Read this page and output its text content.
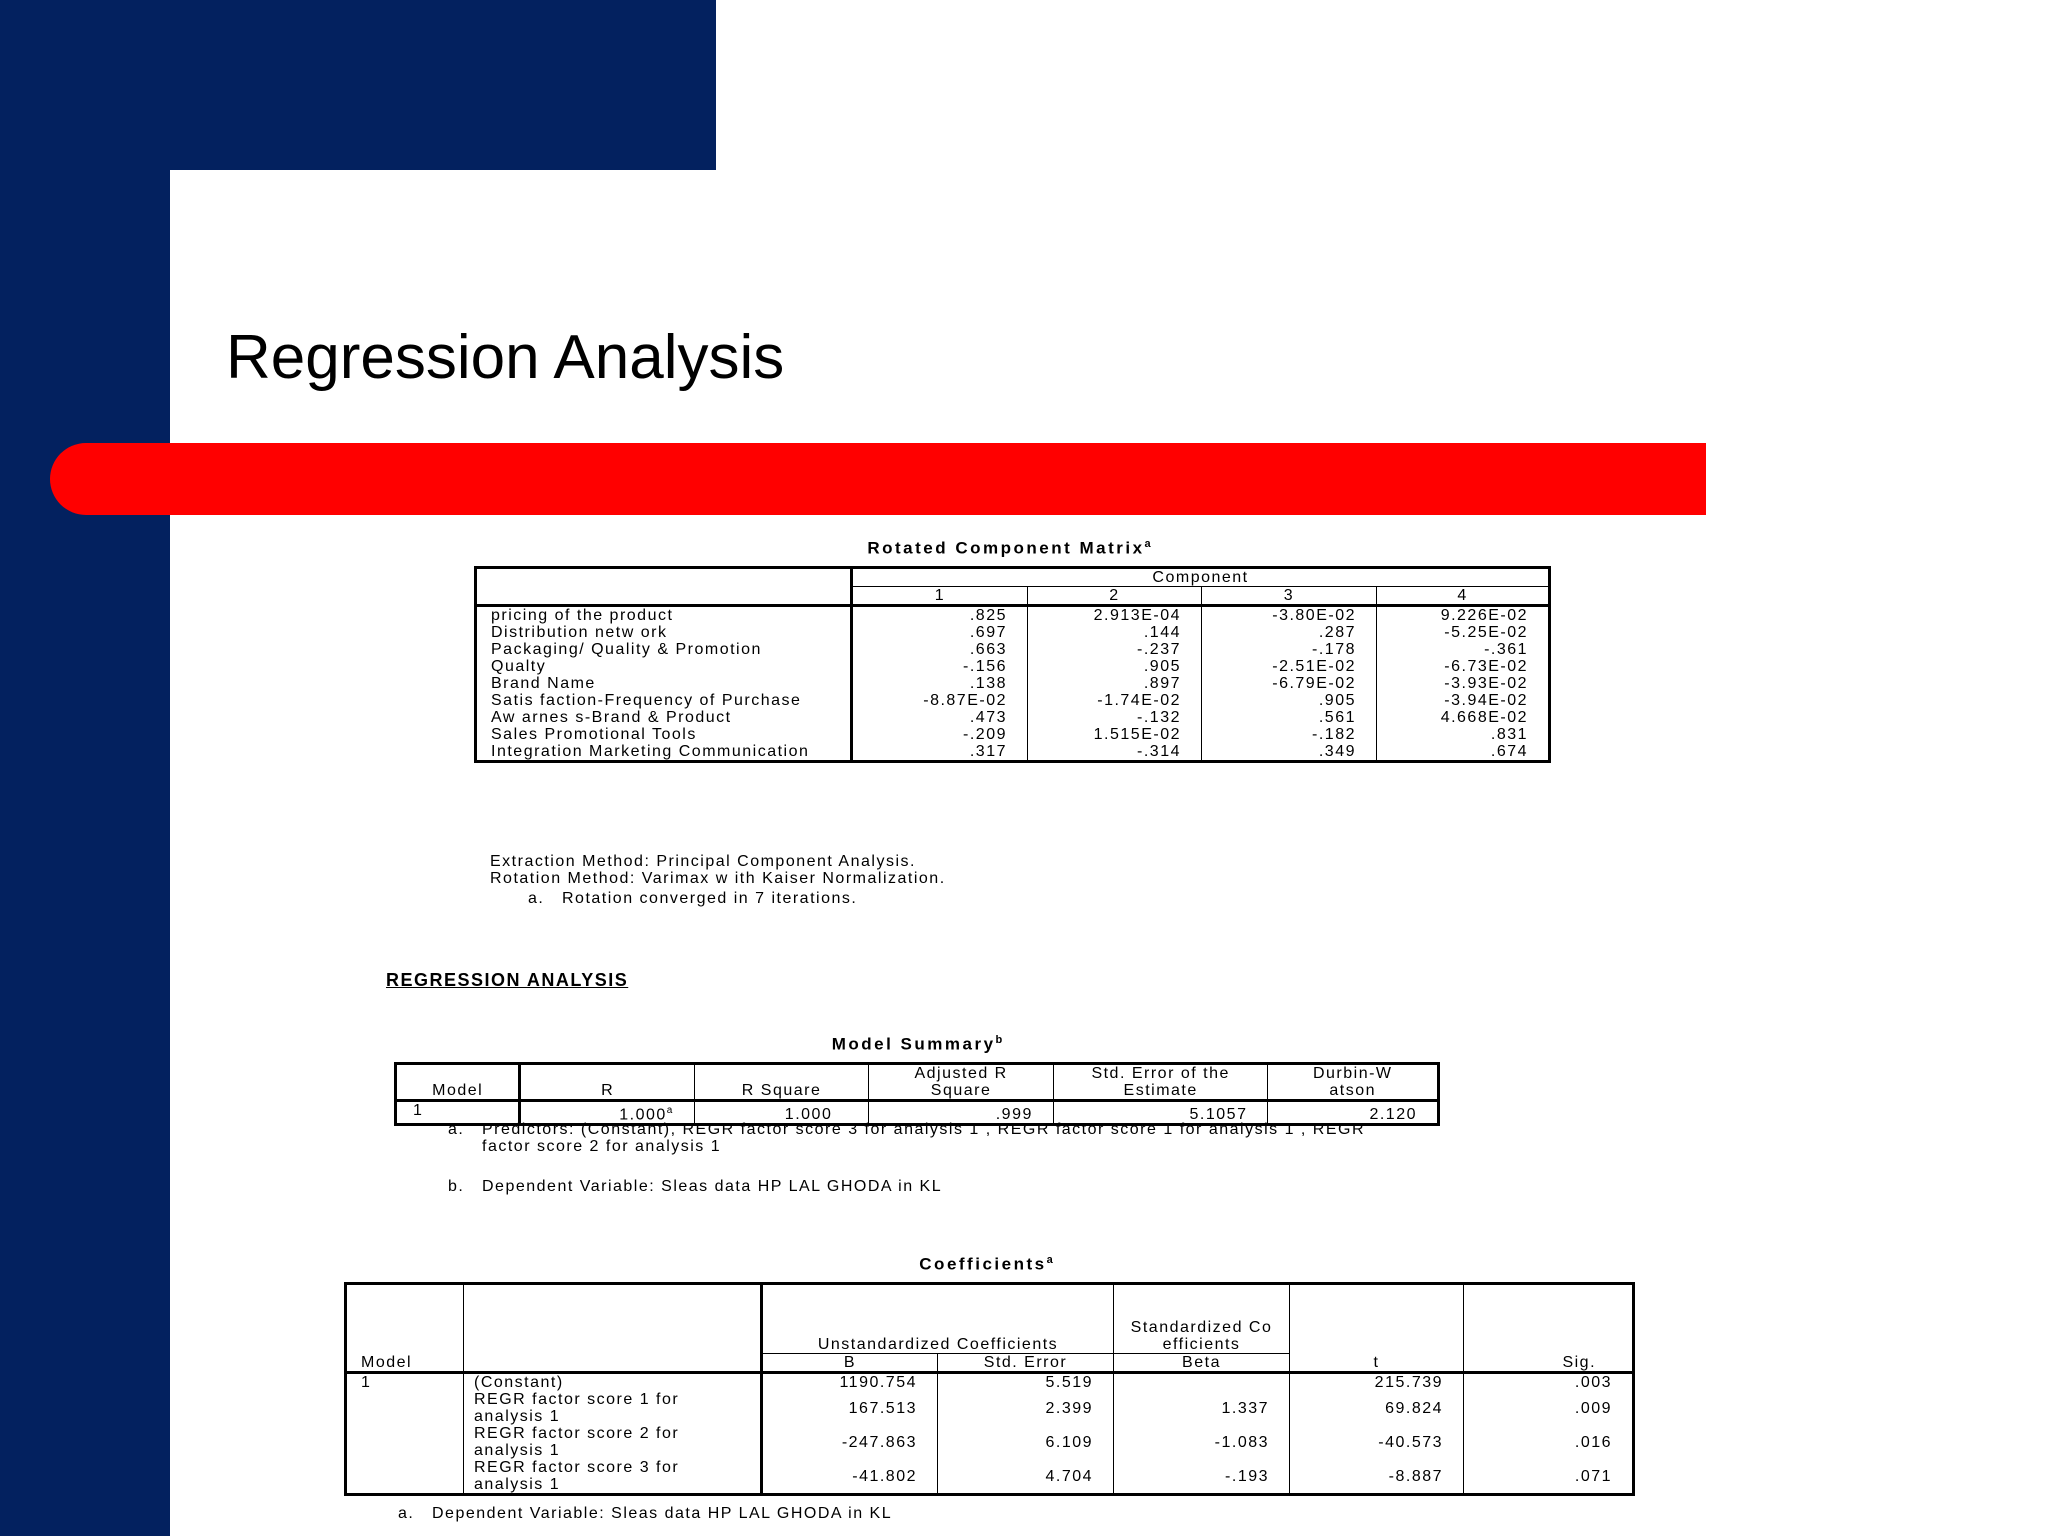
Regression Analysis
Rotated Component Matrix$^a$
	Component			
	1	2	3	4
pricing of the product	.825	2.913E-04	-3.80E-02	9.226E-02
Distribution netw ork	.697	.144	.287	-5.25E-02
Packaging/ Quality & Promotion	.663	-.237	-.178	-.361
Qualty	-.156	.905	-2.51E-02	-6.73E-02
Brand Name	.138	.897	-6.79E-02	-3.93E-02
Satis faction-Frequency of Purchase	-8.87E-02	-1.74E-02	.905	-3.94E-02
Aw arnes s-Brand & Product	.473	-.132	.561	4.668E-02
Sales Promotional Tools	-.209	1.515E-02	-.182	.831
Integration Marketing Communication	.317	-.314	.349	.674
Extraction Method: Principal Component Analysis.
Rotation Method: Varimax w ith Kaiser Normalization.
a. Rotation converged in 7 iterations.
REGRESSION ANALYSIS
Model Summary$^b$
Model	R	R Square	Adjusted R Square	Std. Error of the Estimate	Durbin-W atson
1	1.000$^a$	1.000	.999	5.1057	2.120
a. Predictors: (Constant), REGR factor score 3 for analysis 1 , REGR factor score 1 for analysis 1 , REGR factor score 2 for analysis 1
b. Dependent Variable: Sleas data HP LAL GHODA in KL
Coefficients$^a$
Model		Unstandardized Coefficients		Standardized Coefficients	t	Sig.
		B	Std. Error	Beta		
1	(Constant)	1190.754	5.519		215.739	.003
	REGR factor score 1 for analysis 1	167.513	2.399	1.337	69.824	.009
	REGR factor score 2 for analysis 1	-247.863	6.109	-1.083	-40.573	.016
	REGR factor score 3 for analysis 1	-41.802	4.704	-.193	-8.887	.071
a. Dependent Variable: Sleas data HP LAL GHODA in KL
